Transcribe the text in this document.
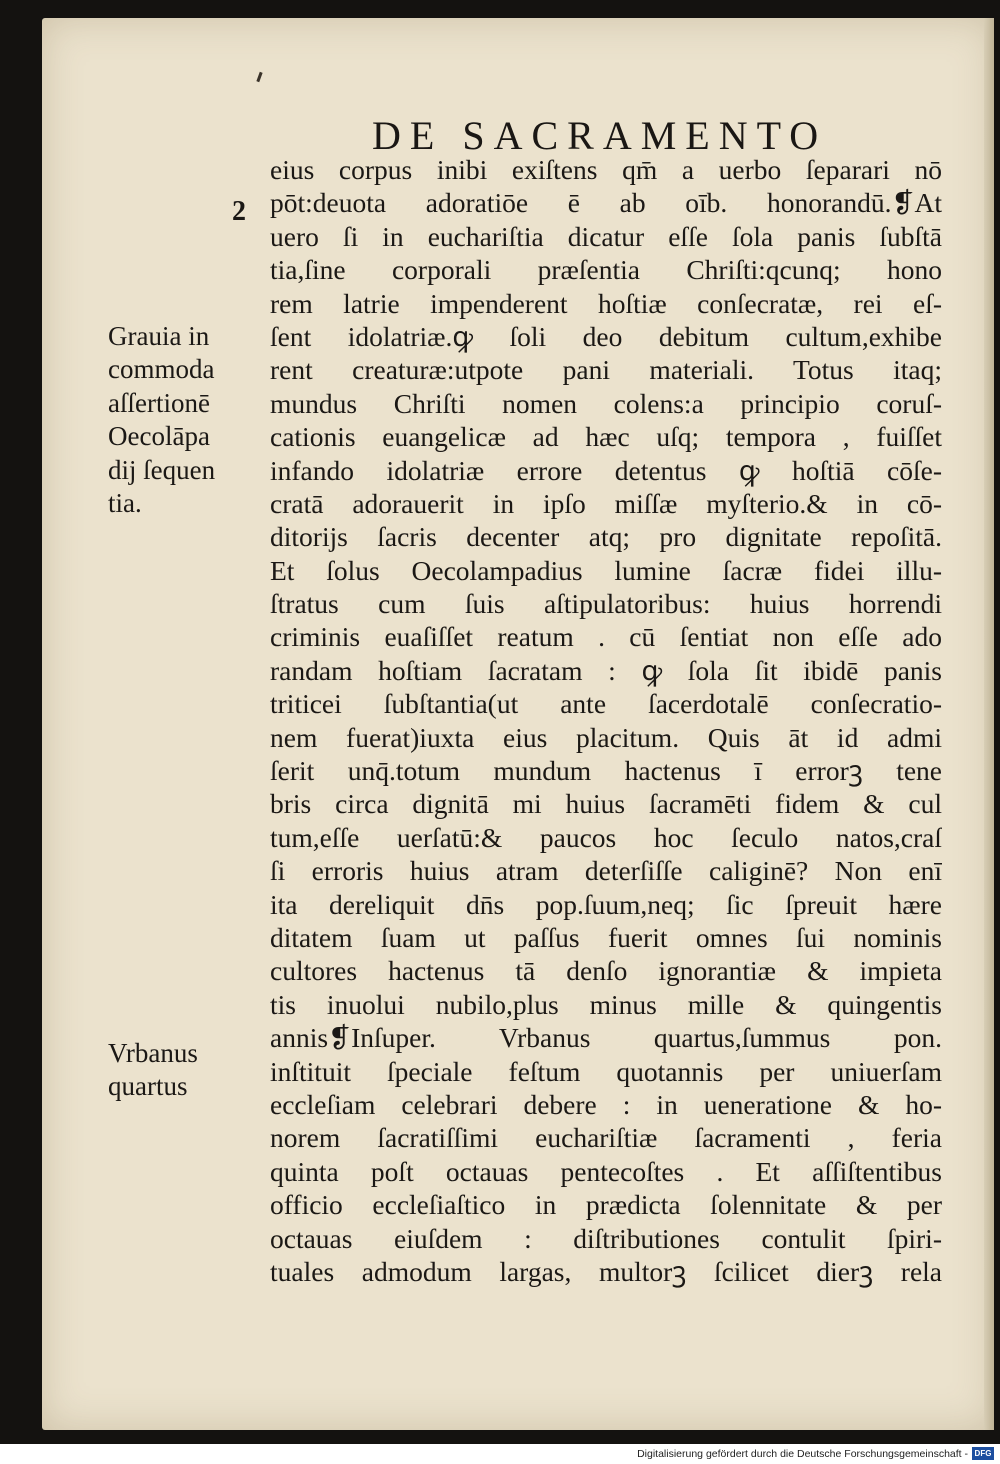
DE SACRAMENTO
2
Grauia in
commoda
aſſertionē
Oecolāpa
dĳ ſequen
tia.
Vrbanus
quartus
eius corpus inibi exiſtens qm̄ a uerbo ſeparari nō
pōt:deuota adoratiōe ē ab oīb. honorandū.❡At
uero ſi in euchariſtia dicatur eſſe ſola panis ſubſtā
tia,ſine corporali præſentia Chriſti:qcunq; hono
rem latrie impenderent hoſtiæ conſecratæ, rei eſ-
ſent idolatriæ.ꝙ ſoli deo debitum cultum,exhibe
rent creaturæ:utpote pani materiali. Totus itaq;
mundus Chriſti nomen colens:a principio coruſ-
cationis euangelicæ ad hæc uſq; tempora , fuiſſet
infando idolatriæ errore detentus ꝙ hoſtiā cōſe-
cratā adorauerit in ipſo miſſæ myſterio.& in cō-
ditorĳs ſacris decenter atq; pro dignitate repoſitā.
Et ſolus Oecolampadius lumine ſacræ fidei illu-
ſtratus cum ſuis aſtipulatoribus: huius horrendi
criminis euaſiſſet reatum . cū ſentiat non eſſe ado
randam hoſtiam ſacratam : ꝙ ſola ſit ibidē panis
triticei ſubſtantia(ut ante ſacerdotalē conſecratio-
nem fuerat)iuxta eius placitum. Quis āt id admi
ſerit unq̄.totum mundum hactenus ī errorꝫ tene
bris circa dignitā mi huius ſacramēti fidem & cul
tum,eſſe uerſatū:& paucos hoc ſeculo natos,craſ
ſi erroris huius atram deterſiſſe caliginē? Non enī
ita dereliquit dn̄s pop.ſuum,neq; ſic ſpreuit hære
ditatem ſuam ut paſſus fuerit omnes ſui nominis
cultores hactenus tā denſo ignorantiæ & impieta
tis inuolui nubilo,plus minus mille & quingentis
annis❡Inſuper. Vrbanus quartus,ſummus pon.
inſtituit ſpeciale feſtum quotannis per uniuerſam
eccleſiam celebrari debere : in ueneratione & ho-
norem ſacratiſſimi euchariſtiæ ſacramenti , feria
quinta poſt octauas pentecoſtes . Et aſſiſtentibus
officio eccleſiaſtico in prædicta ſolennitate & per
octauas eiuſdem : diſtributiones contulit ſpiri-
tuales admodum largas, multorꝫ ſcilicet dierꝫ rela
Digitalisierung gefördert durch die Deutsche Forschungsgemeinschaft - DFG
